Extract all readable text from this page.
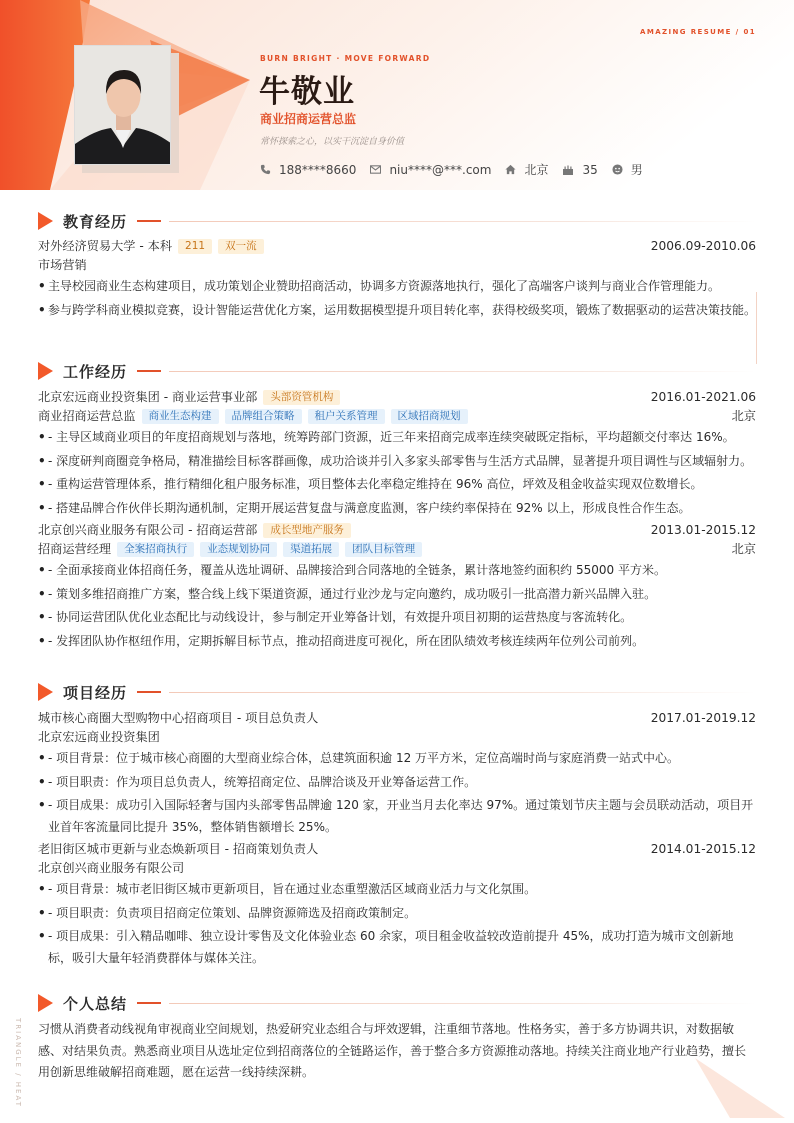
AMAZING RESUME / 01
BURN BRIGHT · MOVE FORWARD
牛敬业
商业招商运营总监
常怀探索之心，以实干沉淀自身价值
188****8660	niu****@***.com	北京	35	男
教育经历
对外经济贸易大学 - 本科	211	双一流	2006.09-2010.06
市场营销
• 主导校园商业生态构建项目，成功策划企业赞助招商活动，协调多方资源落地执行，强化了高端客户谈判与商业合作管理能力。
• 参与跨学科商业模拟竞赛，设计智能运营优化方案，运用数据模型提升项目转化率，获得校级奖项，锻炼了数据驱动的运营决策技能。
工作经历
北京宏远商业投资集团 - 商业运营事业部	头部资管机构	2016.01-2021.06
商业招商运营总监	商业生态构建	品牌组合策略	租户关系管理	区域招商规划	北京
• - 主导区域商业项目的年度招商规划与落地，统筹跨部门资源，近三年来招商完成率连续突破既定指标，平均超额交付率达 16%。
• - 深度研判商圈竞争格局，精准描绘目标客群画像，成功洽谈并引入多家头部零售与生活方式品牌，显著提升项目调性与区域辐射力。
• - 重构运营管理体系，推行精细化租户服务标准，项目整体去化率稳定维持在 96% 高位，坪效及租金收益实现双位数增长。
• - 搭建品牌合作伙伴长期沟通机制，定期开展运营复盘与满意度监测，客户续约率保持在 92% 以上，形成良性合作生态。
北京创兴商业服务有限公司 - 招商运营部	成长型地产服务	2013.01-2015.12
招商运营经理	全案招商执行	业态规划协同	渠道拓展	团队目标管理	北京
• - 全面承接商业体招商任务，覆盖从选址调研、品牌接洽到合同落地的全链条，累计落地签约面积约 55000 平方米。
• - 策划多维招商推广方案，整合线上线下渠道资源，通过行业沙龙与定向邀约，成功吸引一批高潜力新兴品牌入驻。
• - 协同运营团队优化业态配比与动线设计，参与制定开业筹备计划，有效提升项目初期的运营热度与客流转化。
• - 发挥团队协作枢纽作用，定期拆解目标节点，推动招商进度可视化，所在团队绩效考核连续两年位列公司前列。
项目经历
城市核心商圈大型购物中心招商项目 - 项目总负责人	2017.01-2019.12
北京宏远商业投资集团
• - 项目背景：位于城市核心商圈的大型商业综合体，总建筑面积逾 12 万平方米，定位高端时尚与家庭消费一站式中心。
• - 项目职责：作为项目总负责人，统筹招商定位、品牌洽谈及开业筹备运营工作。
• - 项目成果：成功引入国际轻奢与国内头部零售品牌逾 120 家，开业当月去化率达 97%。通过策划节庆主题与会员联动活动，项目开业首年客流量同比提升 35%，整体销售额增长 25%。
老旧街区城市更新与业态焕新项目 - 招商策划负责人	2014.01-2015.12
北京创兴商业服务有限公司
• - 项目背景：城市老旧街区城市更新项目，旨在通过业态重塑激活区域商业活力与文化氛围。
• - 项目职责：负责项目招商定位策划、品牌资源筛选及招商政策制定。
• - 项目成果：引入精品咖啡、独立设计零售及文化体验业态 60 余家，项目租金收益较改造前提升 45%，成功打造为城市文创新地标，吸引大量年轻消费群体与媒体关注。
个人总结
习惯从消费者动线视角审视商业空间规划，热爱研究业态组合与坪效逻辑，注重细节落地。性格务实，善于多方协调共识，对数据敏感、对结果负责。熟悉商业项目从选址定位到招商落位的全链路运作，善于整合多方资源推动落地。持续关注商业地产行业趋势，擅长用创新思维破解招商难题，愿在运营一线持续深耕。
TRIANGLE / HEAT
